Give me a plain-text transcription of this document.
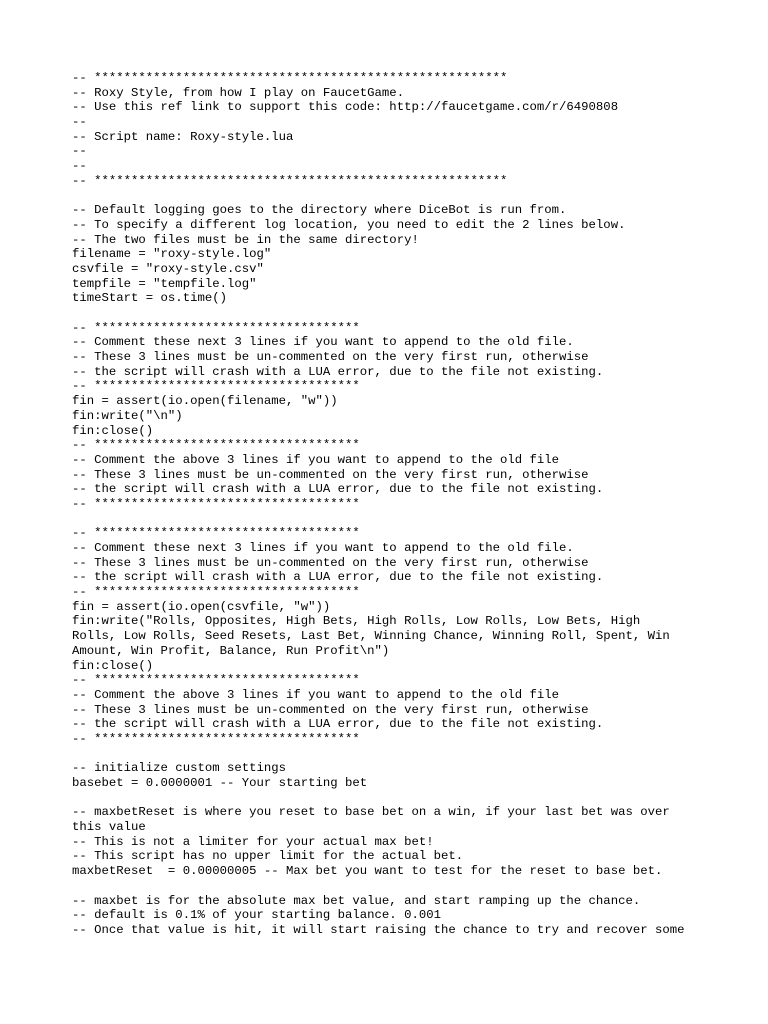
-- ********************************************************
-- Roxy Style, from how I play on FaucetGame.
-- Use this ref link to support this code: http://faucetgame.com/r/6490808
--
-- Script name: Roxy-style.lua
--
--
-- ********************************************************
-- Default logging goes to the directory where DiceBot is run from.
-- To specify a different log location, you need to edit the 2 lines below.
-- The two files must be in the same directory!
filename = "roxy-style.log"
csvfile = "roxy-style.csv"
tempfile = "tempfile.log"
timeStart = os.time()
-- ************************************
-- Comment these next 3 lines if you want to append to the old file.
-- These 3 lines must be un-commented on the very first run, otherwise
-- the script will crash with a LUA error, due to the file not existing.
-- ************************************
fin = assert(io.open(filename, "w"))
fin:write("\n")
fin:close()
-- ************************************
-- Comment the above 3 lines if you want to append to the old file
-- These 3 lines must be un-commented on the very first run, otherwise
-- the script will crash with a LUA error, due to the file not existing.
-- ************************************
-- ************************************
-- Comment these next 3 lines if you want to append to the old file.
-- These 3 lines must be un-commented on the very first run, otherwise
-- the script will crash with a LUA error, due to the file not existing.
-- ************************************
fin = assert(io.open(csvfile, "w"))
fin:write("Rolls, Opposites, High Bets, High Rolls, Low Rolls, Low Bets, High
Rolls, Low Rolls, Seed Resets, Last Bet, Winning Chance, Winning Roll, Spent, Win
Amount, Win Profit, Balance, Run Profit\n")
fin:close()
-- ************************************
-- Comment the above 3 lines if you want to append to the old file
-- These 3 lines must be un-commented on the very first run, otherwise
-- the script will crash with a LUA error, due to the file not existing.
-- ************************************
-- initialize custom settings
basebet = 0.0000001 -- Your starting bet
-- maxbetReset is where you reset to base bet on a win, if your last bet was over
this value
-- This is not a limiter for your actual max bet!
-- This script has no upper limit for the actual bet.
maxbetReset  = 0.00000005 -- Max bet you want to test for the reset to base bet.
-- maxbet is for the absolute max bet value, and start ramping up the chance.
-- default is 0.1% of your starting balance. 0.001
-- Once that value is hit, it will start raising the chance to try and recover some
